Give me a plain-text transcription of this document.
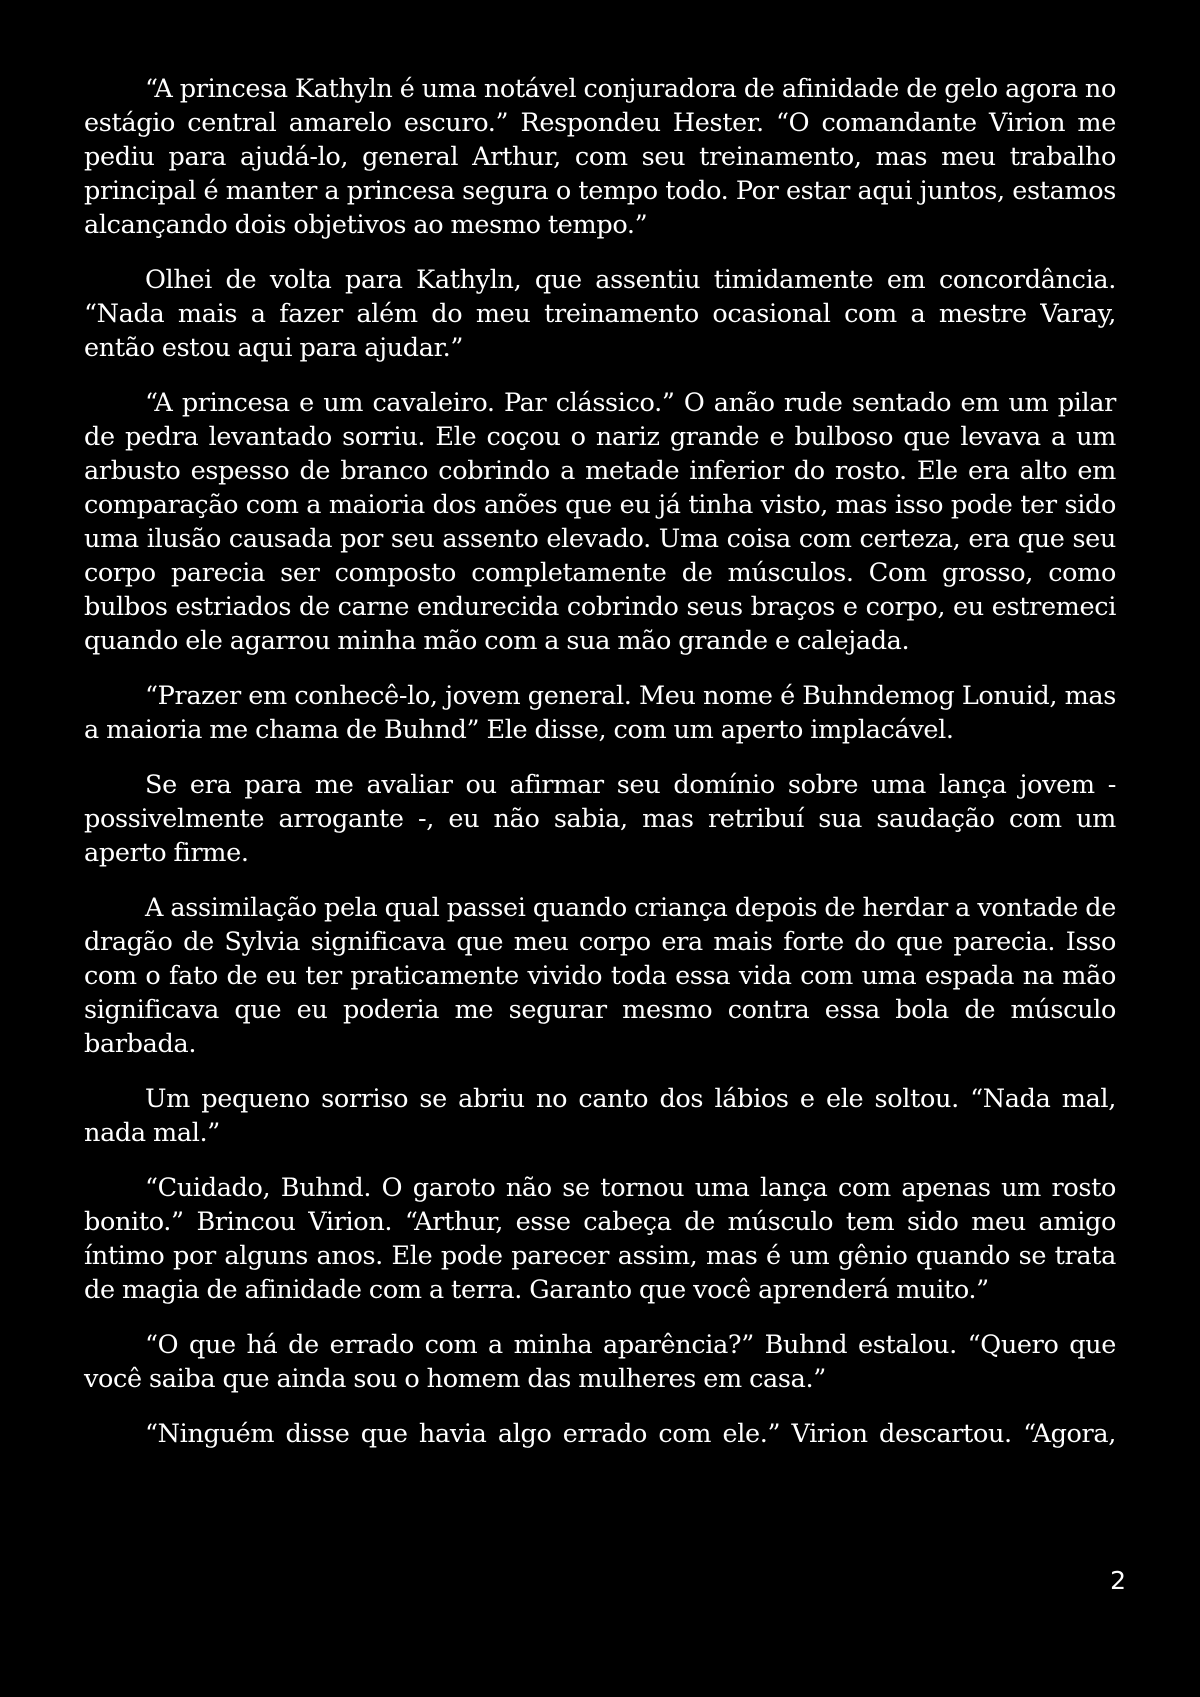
“A princesa Kathyln é uma notável conjuradora de afinidade de gelo agora no estágio central amarelo escuro.” Respondeu Hester. “O comandante Virion me pediu para ajudá-lo, general Arthur, com seu treinamento, mas meu trabalho principal é manter a princesa segura o tempo todo. Por estar aqui juntos, estamos alcançando dois objetivos ao mesmo tempo.”

Olhei de volta para Kathyln, que assentiu timidamente em concordância. “Nada mais a fazer além do meu treinamento ocasional com a mestre Varay, então estou aqui para ajudar.”

“A princesa e um cavaleiro. Par clássico.” O anão rude sentado em um pilar de pedra levantado sorriu. Ele coçou o nariz grande e bulboso que levava a um arbusto espesso de branco cobrindo a metade inferior do rosto. Ele era alto em comparação com a maioria dos anões que eu já tinha visto, mas isso pode ter sido uma ilusão causada por seu assento elevado. Uma coisa com certeza, era que seu corpo parecia ser composto completamente de músculos. Com grosso, como bulbos estriados de carne endurecida cobrindo seus braços e corpo, eu estremeci quando ele agarrou minha mão com a sua mão grande e calejada.

“Prazer em conhecê-lo, jovem general. Meu nome é Buhndemog Lonuid, mas a maioria me chama de Buhnd” Ele disse, com um aperto implacável.

Se era para me avaliar ou afirmar seu domínio sobre uma lança jovem - possivelmente arrogante -, eu não sabia, mas retribuí sua saudação com um aperto firme.

A assimilação pela qual passei quando criança depois de herdar a vontade de dragão de Sylvia significava que meu corpo era mais forte do que parecia. Isso com o fato de eu ter praticamente vivido toda essa vida com uma espada na mão significava que eu poderia me segurar mesmo contra essa bola de músculo barbada.

Um pequeno sorriso se abriu no canto dos lábios e ele soltou. “Nada mal, nada mal.”

“Cuidado, Buhnd. O garoto não se tornou uma lança com apenas um rosto bonito.” Brincou Virion. “Arthur, esse cabeça de músculo tem sido meu amigo íntimo por alguns anos. Ele pode parecer assim, mas é um gênio quando se trata de magia de afinidade com a terra. Garanto que você aprenderá muito.”

“O que há de errado com a minha aparência?” Buhnd estalou. “Quero que você saiba que ainda sou o homem das mulheres em casa.”

“Ninguém disse que havia algo errado com ele.” Virion descartou. “Agora,

2
